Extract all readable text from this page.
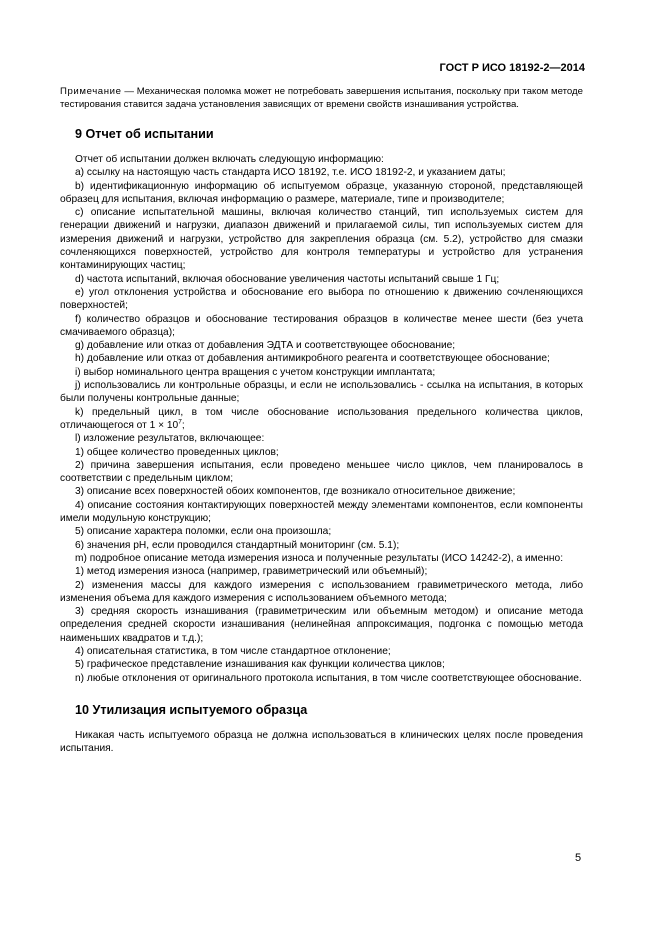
ГОСТ Р ИСО 18192-2—2014

Примечание — Механическая поломка может не потребовать завершения испытания, поскольку при таком методе тестирования ставится задача установления зависящих от времени свойств изнашивания устройства.

9 Отчет об испытании

Отчет об испытании должен включать следующую информацию:

а) ссылку на настоящую часть стандарта ИСО 18192, т.е. ИСО 18192-2, и указанием даты;

b) идентификационную информацию об испытуемом образце, указанную стороной, представляющей образец для испытания, включая информацию о размере, материале, типе и производителе;

c) описание испытательной машины, включая количество станций, тип используемых систем для генерации движений и нагрузки, диапазон движений и прилагаемой силы, тип используемых систем для измерения движений и нагрузки, устройство для закрепления образца (см. 5.2), устройство для смазки сочленяющихся поверхностей, устройство для контроля температуры и устройство для устранения контаминирующих частиц;

d) частота испытаний, включая обоснование увеличения частоты испытаний свыше 1 Гц;

e) угол отклонения устройства и обоснование его выбора по отношению к движению сочленяющихся поверхностей;

f) количество образцов и обоснование тестирования образцов в количестве менее шести (без учета смачиваемого образца);

g) добавление или отказ от добавления ЭДТА и соответствующее обоснование;

h) добавление или отказ от добавления антимикробного реагента и соответствующее обоснование;

i) выбор номинального центра вращения с учетом конструкции имплантата;

j) использовались ли контрольные образцы, и если не использовались - ссылка на испытания, в которых были получены контрольные данные;

k) предельный цикл, в том числе обоснование использования предельного количества циклов, отличающегося от $1 \times 10^7$;

l) изложение результатов, включающее:

1) общее количество проведенных циклов;

2) причина завершения испытания, если проведено меньшее число циклов, чем планировалось в соответствии с предельным циклом;

3) описание всех поверхностей обоих компонентов, где возникало относительное движение;

4) описание состояния контактирующих поверхностей между элементами компонентов, если компоненты имели модульную конструкцию;

5) описание характера поломки, если она произошла;

6) значения pH, если проводился стандартный мониторинг (см. 5.1);

m) подробное описание метода измерения износа и полученные результаты (ИСО 14242-2), а именно:

1) метод измерения износа (например, гравиметрический или объемный);

2) изменения массы для каждого измерения с использованием гравиметрического метода, либо изменения объема для каждого измерения с использованием объемного метода;

3) средняя скорость изнашивания (гравиметрическим или объемным методом) и описание метода определения средней скорости изнашивания (нелинейная аппроксимация, подгонка с помощью метода наименьших квадратов и т.д.);

4) описательная статистика, в том числе стандартное отклонение;

5) графическое представление изнашивания как функции количества циклов;

n) любые отклонения от оригинального протокола испытания, в том числе соответствующее обоснование.

10 Утилизация испытуемого образца

Никакая часть испытуемого образца не должна использоваться в клинических целях после проведения испытания.

5
